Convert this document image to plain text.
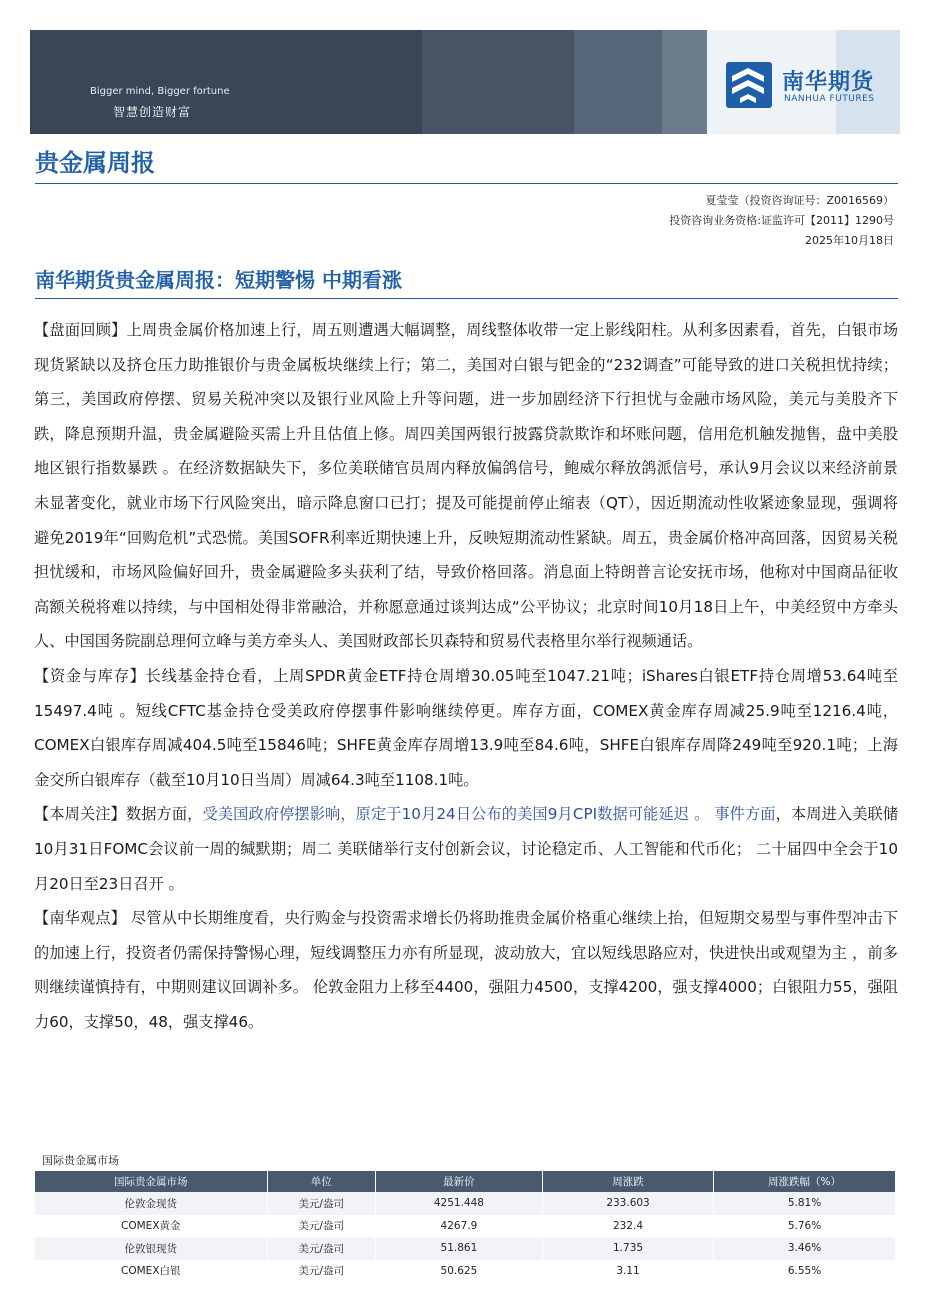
Bigger mind, Bigger fortune
智慧创造财富
南华期货
NANHUA FUTURES
贵金属周报
夏莹莹（投资咨询证号：Z0016569）
投资咨询业务资格:证监许可【2011】1290号
2025年10月18日
南华期货贵金属周报：短期警惕 中期看涨

【盘面回顾】上周贵金属价格加速上行，周五则遭遇大幅调整，周线整体收带一定上影线阳柱。从利多因素看，首先，白银市场现货紧缺以及挤仓压力助推银价与贵金属板块继续上行；第二，美国对白银与钯金的“232调查”可能导致的进口关税担忧持续；第三，美国政府停摆、贸易关税冲突以及银行业风险上升等问题，进一步加剧经济下行担忧与金融市场风险，美元与美股齐下跌，降息预期升温，贵金属避险买需上升且估值上修。周四美国两银行披露贷款欺诈和坏账问题，信用危机触发抛售，盘中美股地区银行指数暴跌 。在经济数据缺失下，多位美联储官员周内释放偏鸽信号，鲍威尔释放鸽派信号，承认9月会议以来经济前景未显著变化，就业市场下行风险突出，暗示降息窗口已打；提及可能提前停止缩表（QT），因近期流动性收紧迹象显现，强调将避免2019年“回购危机”式恐慌。美国SOFR利率近期快速上升，反映短期流动性紧缺。周五，贵金属价格冲高回落，因贸易关税担忧缓和，市场风险偏好回升，贵金属避险多头获利了结，导致价格回落。消息面上特朗普言论安抚市场，他称对中国商品征收高额关税将难以持续，与中国相处得非常融洽，并称愿意通过谈判达成“公平协议；北京时间10月18日上午，中美经贸中方牵头人、中国国务院副总理何立峰与美方牵头人、美国财政部长贝森特和贸易代表格里尔举行视频通话。

【资金与库存】长线基金持仓看，上周SPDR黄金ETF持仓周增30.05吨至1047.21吨；iShares白银ETF持仓周增53.64吨至15497.4吨 。短线CFTC基金持仓受美政府停摆事件影响继续停更。库存方面，COMEX黄金库存周减25.9吨至1216.4吨，COMEX白银库存周减404.5吨至15846吨；SHFE黄金库存周增13.9吨至84.6吨，SHFE白银库存周降249吨至920.1吨；上海金交所白银库存（截至10月10日当周）周减64.3吨至1108.1吨。

【本周关注】数据方面，受美国政府停摆影响，原定于10月24日公布的美国9月CPI数据可能延迟 。 事件方面，本周进入美联储10月31日FOMC会议前一周的缄默期；周二 美联储举行支付创新会议，讨论稳定币、人工智能和代币化； 二十届四中全会于10月20日至23日召开 。

【南华观点】 尽管从中长期维度看，央行购金与投资需求增长仍将助推贵金属价格重心继续上抬，但短期交易型与事件型冲击下的加速上行，投资者仍需保持警惕心理，短线调整压力亦有所显现，波动放大，宜以短线思路应对，快进快出或观望为主 ，前多则继续谨慎持有，中期则建议回调补多。 伦敦金阻力上移至4400，强阻力4500，支撑4200，强支撑4000；白银阻力55，强阻力60，支撑50，48，强支撑46。

国际贵金属市场
国际贵金属市场	单位	最新价	周涨跌	周涨跌幅（%）
伦敦金现货	美元/盎司	4251.448	233.603	5.81%
COMEX黄金	美元/盎司	4267.9	232.4	5.76%
伦敦银现货	美元/盎司	51.861	1.735	3.46%
COMEX白银	美元/盎司	50.625	3.11	6.55%
